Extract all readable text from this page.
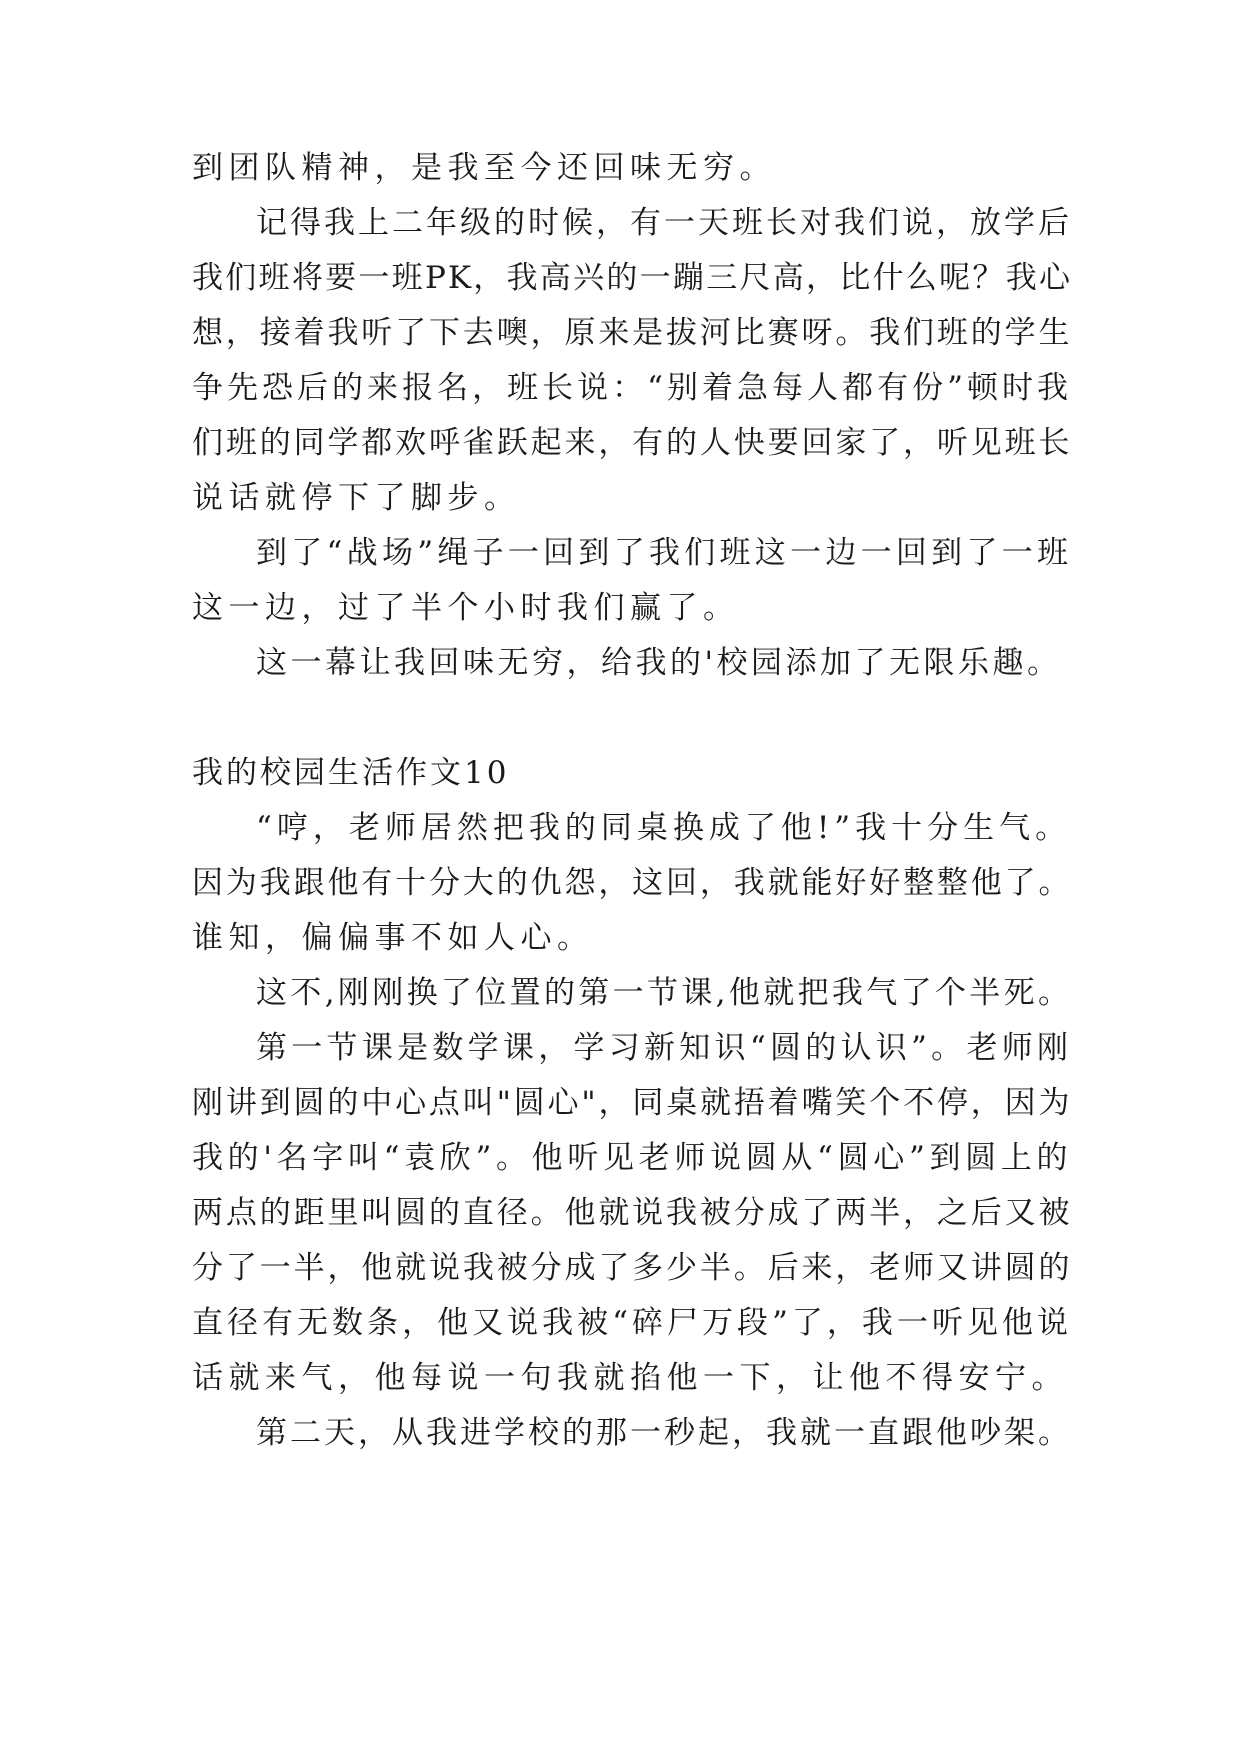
到团队精神，是我至今还回味无穷。
记得我上二年级的时候，有一天班长对我们说，放学后
我们班将要一班PK，我高兴的一蹦三尺高，比什么呢？我心
想，接着我听了下去噢，原来是拔河比赛呀。我们班的学生
争先恐后的来报名，班长说：“别着急每人都有份”顿时我
们班的同学都欢呼雀跃起来，有的人快要回家了，听见班长
说话就停下了脚步。
到了“战场”绳子一回到了我们班这一边一回到了一班
这一边，过了半个小时我们赢了。
这一幕让我回味无穷，给我的'校园添加了无限乐趣。
我的校园生活作文10
“哼，老师居然把我的同桌换成了他!”我十分生气。
因为我跟他有十分大的仇怨，这回，我就能好好整整他了。
谁知，偏偏事不如人心。
这不,刚刚换了位置的第一节课,他就把我气了个半死。
第一节课是数学课，学习新知识“圆的认识”。老师刚
刚讲到圆的中心点叫"圆心"，同桌就捂着嘴笑个不停，因为
我的'名字叫“袁欣”。他听见老师说圆从“圆心”到圆上的
两点的距里叫圆的直径。他就说我被分成了两半，之后又被
分了一半，他就说我被分成了多少半。后来，老师又讲圆的
直径有无数条，他又说我被“碎尸万段”了，我一听见他说
话就来气，他每说一句我就掐他一下，让他不得安宁。
第二天，从我进学校的那一秒起，我就一直跟他吵架。
